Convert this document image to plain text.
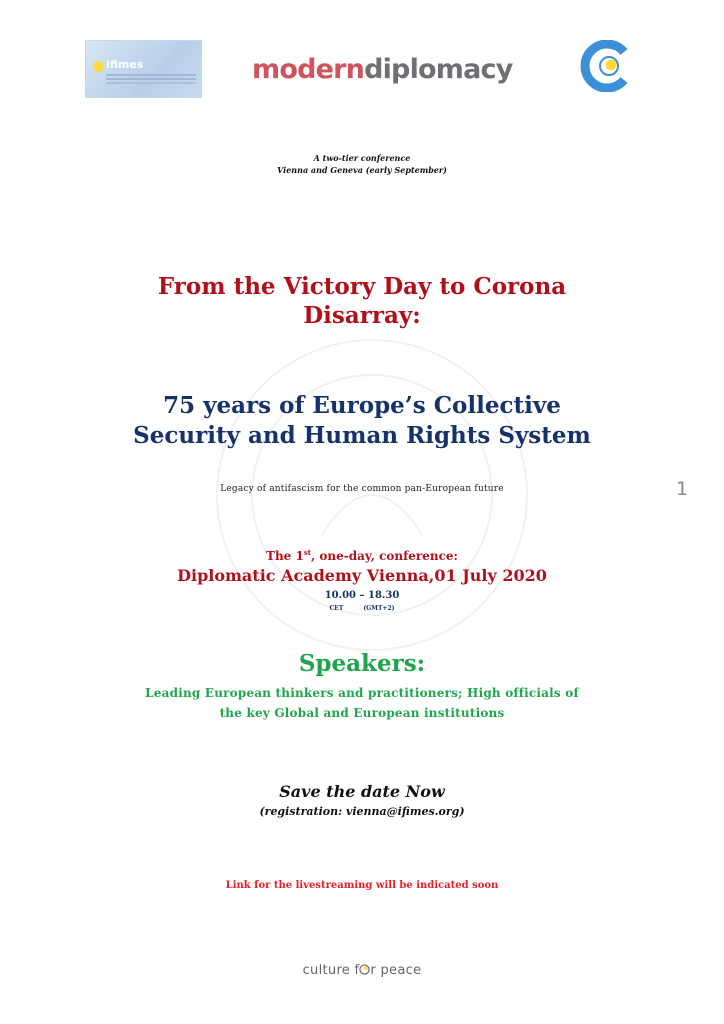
ifimes	moderndiplomacy
A two-tier conference
Vienna and Geneva (early September)
From the Victory Day to Corona
Disarray:
75 years of Europe’s Collective
Security and Human Rights System
Legacy of antifascism for the common pan-European future	1
The 1st, one-day, conference:
Diplomatic Academy Vienna,01 July 2020
10.00 – 18.30
CET	(GMT+2)
Speakers:
Leading European thinkers and practitioners; High officials of
the key Global and European institutions
Save the date Now
(registration: vienna@ifimes.org)
Link for the livestreaming will be indicated soon
culture f r peace
